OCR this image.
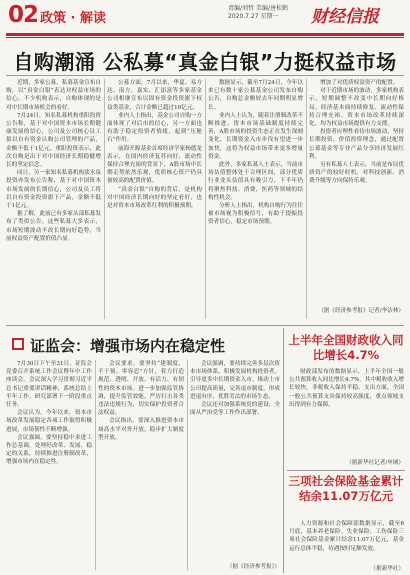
02 政策 · 解读
责编/刘哲 美编/唐松鹤
2020.7.27 星期一	财经信报
自购潮涌 公私募“真金白银”力挺权益市场

近期，多家公募、私募基金宣布自购，以“真金白银”表达对权益市场的信心。不少机构表示，自购体现的是对中长期市场机会的看好。

7月24日，知名私募机构重阳投资公告称，基于对中国资本市场长期健康发展的信心，公司及公司核心员工拟以自有资金认购公司管理的产品，金额不低于1亿元。重阳投资表示，此次自购是出于对中国经济长期稳健增长的坚定信念。

同日，另一家知名私募机构淡水泉投资亦发布公告称，基于对中国资本市场发展的长期信心，公司及员工将以自有资金投资旗下产品，金额不低于1亿元。

据了解，此前已有多家头部私募发布了类似公告。这些私募大多表示，市场短期波动不改长期向好趋势，当前权益资产配置价值凸显。

公募方面，7月以来，华夏、易方达、南方、嘉实、汇添富等多家基金公司相继宣布以固有资金投资旗下权益类基金，合计金额已超过10亿元。

业内人士指出，基金公司自购一方面体现了对后市的信心，另一方面也有助于稳定投资者情绪，起到“压舱石”作用。

前海开源基金首席经济学家杨德龙表示，在国内经济复苏向好、流动性保持合理充裕的背景下，A股市场中长期走势依然乐观，优质核心资产仍具备较高的配置价值。

“真金白银”自购的背后，是机构对中国经济长期向好的坚定看好，也是对资本市场改革红利的积极预期。

数据显示，截至7月24日，今年以来已有数十家公募基金公司发布自购公告，自购总金额较去年同期明显增长。

业内人士认为，随着注册制改革不断推进、资本市场基础制度持续完善，A股市场的投资生态正在发生深刻变化，长期资金入市步伐有望进一步加快，这将为权益市场带来更多增量资金。

此外，多家私募人士表示，当前市场估值整体处于合理区间，部分优质行业龙头估值具有吸引力，下半年仍将聚焦科技、消费、医药等领域的结构性机会。

分析人士指出，机构自购行为往往被市场视为积极信号，有助于提振投资者信心，稳定市场预期。

增加了对优质权益资产的配置。

对于近期市场的波动，多家机构表示，短期调整不改变中长期向好格局。经济基本面持续修复、流动性保持合理充裕、资本市场改革持续深化，均为权益市场提供有力支撑。

投资者应理性看待市场波动，坚持长期投资、价值投资理念，通过配置公募基金等专业产品分享经济发展红利。

另有私募人士表示，当前是布局优质资产的较好时机，对科技创新、消费升级等方向保持乐观。

（据《经济参考报》记者/李洁林）
证监会：增强市场内在稳定性

7月30日下午至31日，证监会党委召开系统工作会议暨年中工作座谈会。会议深入学习贯彻习近平总书记重要讲话精神，系统总结上半年工作，研究部署下一阶段重点任务。

会议认为，今年以来，资本市场改革发展稳定各项工作取得积极进展，市场韧性不断增强。

会议强调，要坚持稳中求进工作总基调，处理好改革、发展、稳定的关系，持续推进注册制改革，增强市场内在稳定性。

会议要求，要坚持“建制度、不干预、零容忍”方针，着力打造规范、透明、开放、有活力、有韧性的资本市场。进一步加强监管协调，提升监管效能，严厉打击各类违法违规行为，切实保护投资者合法权益。

会议指出，要深入推进资本市场高水平对外开放，稳步扩大制度型开放。

会议强调，要持续完善多层次资本市场体系，积极发展机构投资者，引导更多中长期资金入市。推动上市公司提高质量，完善退市制度，形成进退有序、优胜劣汰的市场生态。

会议还对加强系统党的建设、全面从严治党等工作作出部署。

（据《经济参考报》）
上半年全国财政收入同比增长4.7%

财政部发布的数据显示，上半年全国一般公共预算收入同比增长4.7%，其中税收收入增长较快，非税收入保持平稳。支出方面，全国一般公共预算支出保持较高强度，重点领域支出得到有力保障。

（据新华社记者/申铖）
三项社会保险基金累计结余11.07万亿元

人力资源和社会保障部数据显示，截至6月底，基本养老保险、失业保险、工伤保险三项社会保险基金累计结余11.07万亿元，基金运行总体平稳，待遇按时足额发放。

（据新华社）
